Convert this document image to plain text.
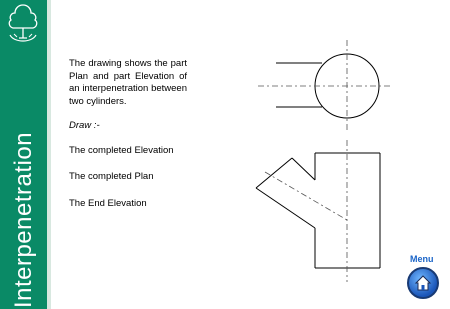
Interpenetration
The drawing shows the part Plan and part Elevation of an interpenetration between two cylinders.
Draw :-
The completed Elevation
The completed Plan
The End Elevation
Menu
